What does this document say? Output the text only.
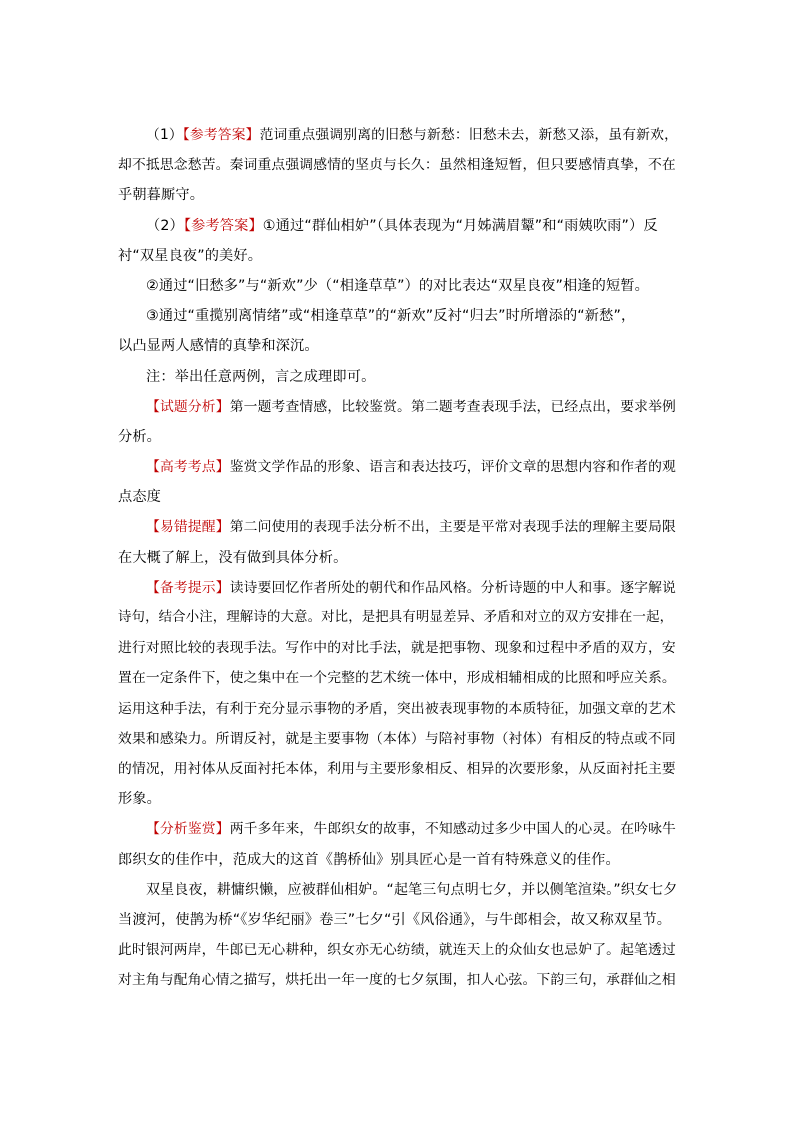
（1）【参考答案】范词重点强调别离的旧愁与新愁：旧愁未去，新愁又添，虽有新欢，
却不抵思念愁苦。秦词重点强调感情的坚贞与长久：虽然相逢短暂，但只要感情真挚，不在
乎朝暮厮守。
（2）【参考答案】①通过“群仙相妒”（具体表现为“月姊满眉颦”和“雨姨吹雨”）反
衬“双星良夜”的美好。
②通过“旧愁多”与“新欢”少（“相逢草草”）的对比表达“双星良夜”相逢的短暂。
③通过“重揽别离情绪”或“相逢草草”的“新欢”反衬“归去”时所增添的“新愁”，
以凸显两人感情的真挚和深沉。
注：举出任意两例，言之成理即可。
【试题分析】第一题考查情感，比较鉴赏。第二题考查表现手法，已经点出，要求举例
分析。
【高考考点】鉴赏文学作品的形象、语言和表达技巧，评价文章的思想内容和作者的观
点态度
【易错提醒】第二问使用的表现手法分析不出，主要是平常对表现手法的理解主要局限
在大概了解上，没有做到具体分析。
【备考提示】读诗要回忆作者所处的朝代和作品风格。分析诗题的中人和事。逐字解说
诗句，结合小注，理解诗的大意。对比，是把具有明显差异、矛盾和对立的双方安排在一起，
进行对照比较的表现手法。写作中的对比手法，就是把事物、现象和过程中矛盾的双方，安
置在一定条件下，使之集中在一个完整的艺术统一体中，形成相辅相成的比照和呼应关系。
运用这种手法，有利于充分显示事物的矛盾，突出被表现事物的本质特征，加强文章的艺术
效果和感染力。所谓反衬，就是主要事物（本体）与陪衬事物（衬体）有相反的特点或不同
的情况，用衬体从反面衬托本体，利用与主要形象相反、相异的次要形象，从反面衬托主要
形象。
【分析鉴赏】两千多年来，牛郎织女的故事，不知感动过多少中国人的心灵。在吟咏牛
郎织女的佳作中，范成大的这首《鹊桥仙》别具匠心是一首有特殊意义的佳作。
双星良夜，耕慵织懒，应被群仙相妒。“起笔三句点明七夕，并以侧笔渲染。”织女七夕
当渡河，使鹊为桥“《岁华纪丽》卷三”七夕“引《风俗通》，与牛郎相会，故又称双星节。
此时银河两岸，牛郎已无心耕种，织女亦无心纺绩，就连天上的众仙女也忌妒了。起笔透过
对主角与配角心情之描写，烘托出一年一度的七夕氛围，扣人心弦。下韵三句，承群仙之相
